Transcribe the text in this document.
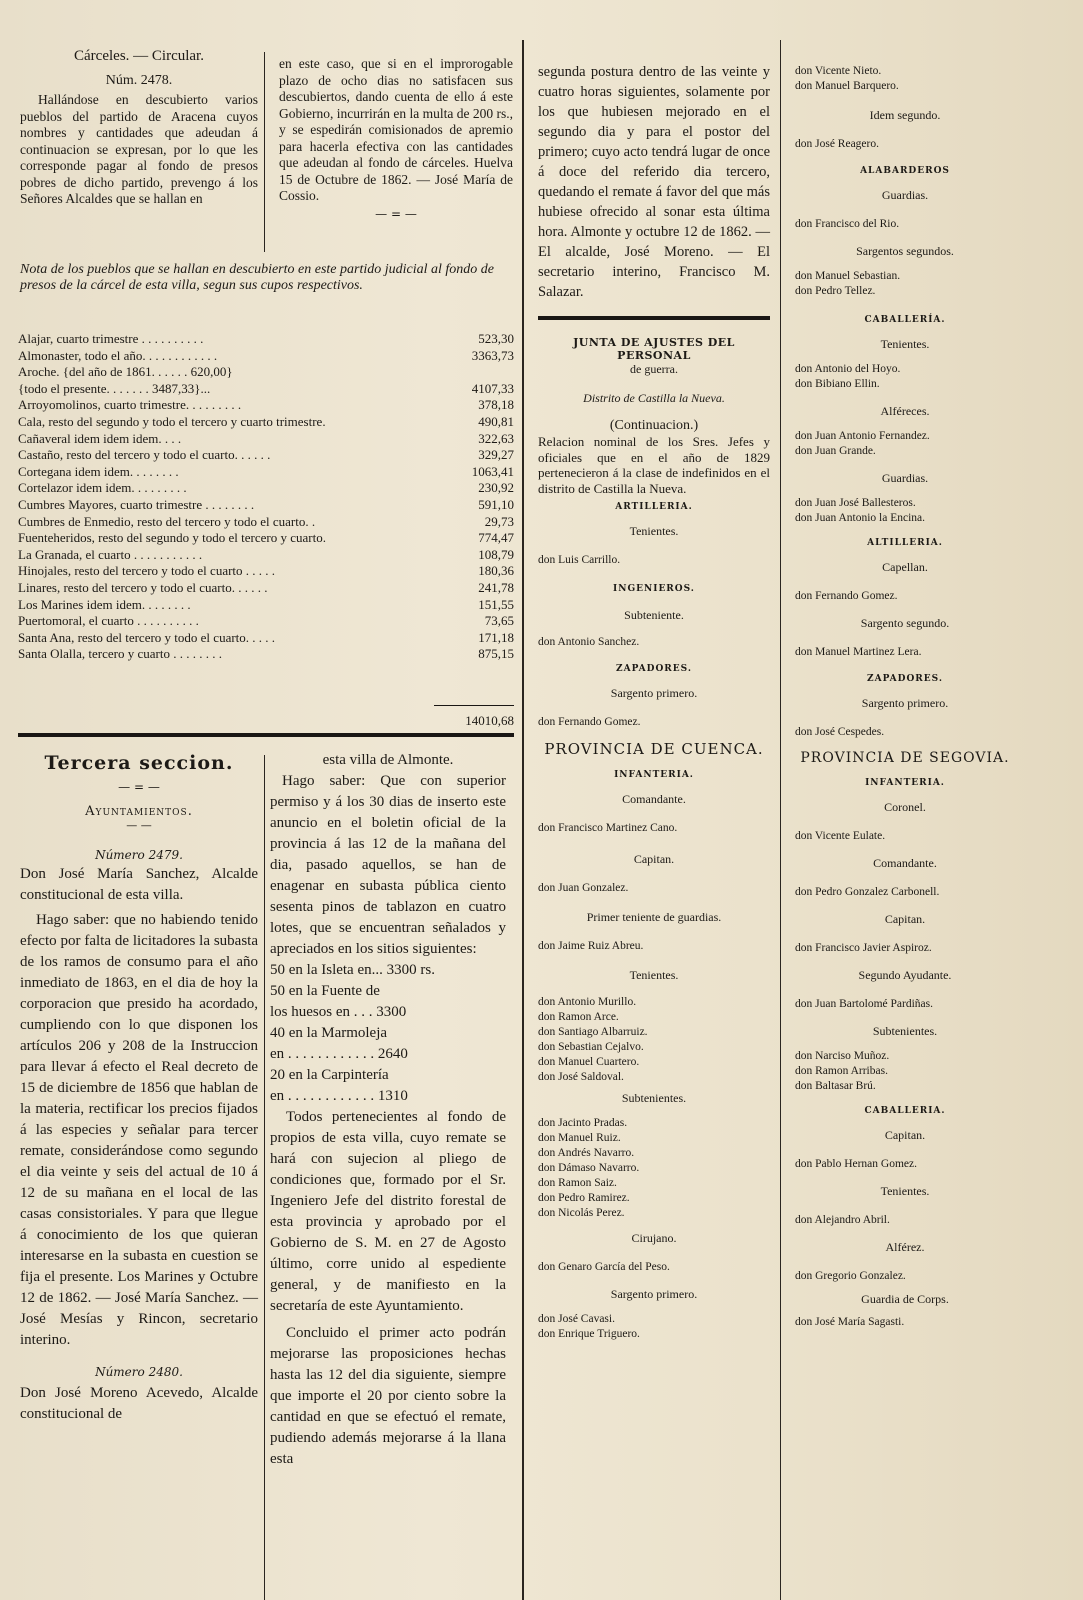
Cárceles. — Circular.
Núm. 2478.

Hallándose en descubierto varios pueblos del partido de Aracena cuyos nombres y cantidades que adeudan á continuacion se expresan, por lo que les corresponde pagar al fondo de presos pobres de dicho partido, prevengo á los Señores Alcaldes que se hallan en

en este caso, que si en el improrogable plazo de ocho dias no satisfacen sus descubiertos, dando cuenta de ello á este Gobierno, incurrirán en la multa de 200 rs., y se espedirán comisionados de apremio para hacerla efectiva con las cantidades que adeudan al fondo de cárceles. Huelva 15 de Octubre de 1862. — José María de Cossio.

— = —

Nota de los pueblos que se hallan en descubierto en este partido judicial al fondo de presos de la cárcel de esta villa, segun sus cupos respectivos.

Alajar, cuarto trimestre . . . . . . . . . .	523,30
Almonaster, todo el año. . . . . . . . . . . .	3363,73
Aroche. {del año de 1861. . . . . . 620,00}
{todo el presente. . . . . . . 3487,33}...	4107,33
Arroyomolinos, cuarto trimestre. . . . . . . . .	378,18
Cala, resto del segundo y todo el tercero y cuarto trimestre.	490,81
Cañaveral idem idem idem. . . .	322,63
Castaño, resto del tercero y todo el cuarto. . . . . .	329,27
Cortegana idem idem. . . . . . . .	1063,41
Cortelazor idem idem. . . . . . . . .	230,92
Cumbres Mayores, cuarto trimestre . . . . . . . .	591,10
Cumbres de Enmedio, resto del tercero y todo el cuarto. .	29,73
Fuenteheridos, resto del segundo y todo el tercero y cuarto.	774,47
La Granada, el cuarto . . . . . . . . . . .	108,79
Hinojales, resto del tercero y todo el cuarto . . . . .	180,36
Linares, resto del tercero y todo el cuarto. . . . . .	241,78
Los Marines idem idem. . . . . . . .	151,55
Puertomoral, el cuarto . . . . . . . . . .	73,65
Santa Ana, resto del tercero y todo el cuarto. . . . .	171,18
Santa Olalla, tercero y cuarto . . . . . . . .	875,15
14010,68
Tercera seccion.
— = —
Ayuntamientos.
— —
Número 2479.

Don José María Sanchez, Alcalde constitucional de esta villa.

Hago saber: que no habiendo tenido efecto por falta de licitadores la subasta de los ramos de consumo para el año inmediato de 1863, en el dia de hoy la corporacion que presido ha acordado, cumpliendo con lo que disponen los artículos 206 y 208 de la Instruccion para llevar á efecto el Real decreto de 15 de diciembre de 1856 que hablan de la materia, rectificar los precios fijados á las especies y señalar para tercer remate, considerándose como segundo el dia veinte y seis del actual de 10 á 12 de su mañana en el local de las casas consistoriales. Y para que llegue á conocimiento de los que quieran interesarse en la subasta en cuestion se fija el presente. Los Marines y Octubre 12 de 1862. — José María Sanchez. — José Mesías y Rincon, secretario interino.

Número 2480.

Don José Moreno Acevedo, Alcalde constitucional de

esta villa de Almonte.

Hago saber: Que con superior permiso y á los 30 dias de inserto este anuncio en el boletin oficial de la provincia á las 12 de la mañana del dia, pasado aquellos, se han de enagenar en subasta pública ciento sesenta pinos de tablazon en cuatro lotes, que se encuentran señalados y apreciados en los sitios siguientes:

50 en la Isleta en... 3300 rs.
50 en la Fuente de
los huesos en . . . 3300
40 en la Marmoleja
en . . . . . . . . . . . . 2640
20 en la Carpintería
en . . . . . . . . . . . . 1310

Todos pertenecientes al fondo de propios de esta villa, cuyo remate se hará con sujecion al pliego de condiciones que, formado por el Sr. Ingeniero Jefe del distrito forestal de esta provincia y aprobado por el Gobierno de S. M. en 27 de Agosto último, corre unido al espediente general, y de manifiesto en la secretaría de este Ayuntamiento.

Concluido el primer acto podrán mejorarse las proposiciones hechas hasta las 12 del dia siguiente, siempre que importe el 20 por ciento sobre la cantidad en que se efectuó el remate, pudiendo además mejorarse á la llana esta

segunda postura dentro de las veinte y cuatro horas siguientes, solamente por los que hubiesen mejorado en el segundo dia y para el postor del primero; cuyo acto tendrá lugar de once á doce del referido dia tercero, quedando el remate á favor del que más hubiese ofrecido al sonar esta última hora. Almonte y octubre 12 de 1862. — El alcalde, José Moreno. — El secretario interino, Francisco M. Salazar.

JUNTA DE AJUSTES DEL PERSONAL
de guerra.
Distrito de Castilla la Nueva.
(Continuacion.)

Relacion nominal de los Sres. Jefes y oficiales que en el año de 1829 pertenecieron á la clase de indefinidos en el distrito de Castilla la Nueva.

ARTILLERIA.
Tenientes.
don Luis Carrillo.
INGENIEROS.
Subteniente.
don Antonio Sanchez.
ZAPADORES.
Sargento primero.
don Fernando Gomez.
PROVINCIA DE CUENCA.
INFANTERIA.
Comandante.
don Francisco Martinez Cano.
Capitan.
don Juan Gonzalez.
Primer teniente de guardias.
don Jaime Ruiz Abreu.
Tenientes.
don Antonio Murillo.
don Ramon Arce.
don Santiago Albarruiz.
don Sebastian Cejalvo.
don Manuel Cuartero.
don José Saldoval.
Subtenientes.
don Jacinto Pradas.
don Manuel Ruiz.
don Andrés Navarro.
don Dámaso Navarro.
don Ramon Saiz.
don Pedro Ramirez.
don Nicolás Perez.
Cirujano.
don Genaro García del Peso.
Sargento primero.
don José Cavasi.
don Enrique Triguero.
don Vicente Nieto.
don Manuel Barquero.
Idem segundo.
don José Reagero.
ALABARDEROS
Guardias.
don Francisco del Rio.
Sargentos segundos.
don Manuel Sebastian.
don Pedro Tellez.
CABALLERÍA.
Tenientes.
don Antonio del Hoyo.
don Bibiano Ellin.
Alféreces.
don Juan Antonio Fernandez.
don Juan Grande.
Guardias.
don Juan José Ballesteros.
don Juan Antonio la Encina.
ALTILLERIA.
Capellan.
don Fernando Gomez.
Sargento segundo.
don Manuel Martinez Lera.
ZAPADORES.
Sargento primero.
don José Cespedes.
PROVINCIA DE SEGOVIA.
INFANTERIA.
Coronel.
don Vicente Eulate.
Comandante.
don Pedro Gonzalez Carbonell.
Capitan.
don Francisco Javier Aspiroz.
Segundo Ayudante.
don Juan Bartolomé Pardiñas.
Subtenientes.
don Narciso Muñoz.
don Ramon Arribas.
don Baltasar Brú.
CABALLERIA.
Capitan.
don Pablo Hernan Gomez.
Tenientes.
don Alejandro Abril.
Alférez.
don Gregorio Gonzalez.
Guardia de Corps.
don José María Sagasti.
